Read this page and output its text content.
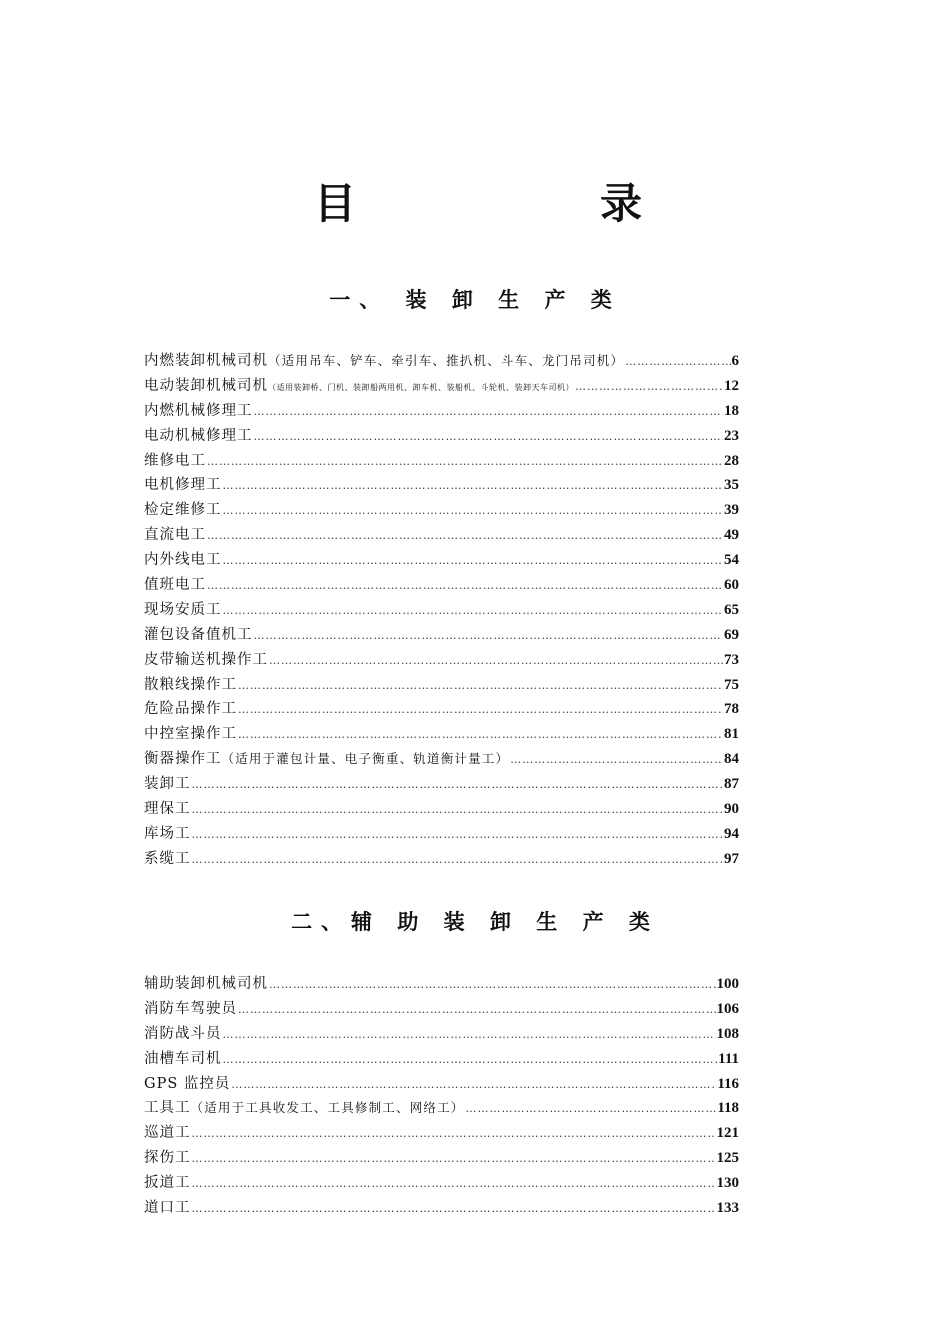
目	录
一、 装 卸 生 产 类
内燃装卸机械司机 （适用吊车、铲车、牵引车、推扒机、斗车、龙门吊司机） ……………………………………………………………………………………………………………………………………………………………………………………………………………………………………………	6
电动装卸机械司机 （适用装卸桥、门机、装卸船两用机、卸车机、装船机、斗轮机、装卸天车司机） ……………………………………………………………………………………………………………………………………………………………………………………………………………………………………………	12
内燃机械修理工 ……………………………………………………………………………………………………………………………………………………………………………………………………………………………………………	18
电动机械修理工 ……………………………………………………………………………………………………………………………………………………………………………………………………………………………………………	23
维修电工 ……………………………………………………………………………………………………………………………………………………………………………………………………………………………………………	28
电机修理工 ……………………………………………………………………………………………………………………………………………………………………………………………………………………………………………	35
检定维修工 ……………………………………………………………………………………………………………………………………………………………………………………………………………………………………………	39
直流电工 ……………………………………………………………………………………………………………………………………………………………………………………………………………………………………………	49
内外线电工 ……………………………………………………………………………………………………………………………………………………………………………………………………………………………………………	54
值班电工 ……………………………………………………………………………………………………………………………………………………………………………………………………………………………………………	60
现场安质工 ……………………………………………………………………………………………………………………………………………………………………………………………………………………………………………	65
灌包设备值机工 ……………………………………………………………………………………………………………………………………………………………………………………………………………………………………………	69
皮带输送机操作工 ……………………………………………………………………………………………………………………………………………………………………………………………………………………………………………	73
散粮线操作工 ……………………………………………………………………………………………………………………………………………………………………………………………………………………………………………	75
危险品操作工 ……………………………………………………………………………………………………………………………………………………………………………………………………………………………………………	78
中控室操作工 ……………………………………………………………………………………………………………………………………………………………………………………………………………………………………………	81
衡器操作工 （适用于灌包计量、电子衡重、轨道衡计量工） ……………………………………………………………………………………………………………………………………………………………………………………………………………………………………………	84
装卸工 ……………………………………………………………………………………………………………………………………………………………………………………………………………………………………………	87
理保工 ……………………………………………………………………………………………………………………………………………………………………………………………………………………………………………	90
库场工 ……………………………………………………………………………………………………………………………………………………………………………………………………………………………………………	94
系缆工 ……………………………………………………………………………………………………………………………………………………………………………………………………………………………………………	97
二、辅 助 装 卸 生 产 类
辅助装卸机械司机 ……………………………………………………………………………………………………………………………………………………………………………………………………………………………………………	100
消防车驾驶员 ……………………………………………………………………………………………………………………………………………………………………………………………………………………………………………	106
消防战斗员 ……………………………………………………………………………………………………………………………………………………………………………………………………………………………………………	108
油槽车司机 ……………………………………………………………………………………………………………………………………………………………………………………………………………………………………………	111
GPS 监控员 ……………………………………………………………………………………………………………………………………………………………………………………………………………………………………………	116
工具工 （适用于工具收发工、工具修制工、网络工） ……………………………………………………………………………………………………………………………………………………………………………………………………………………………………………	118
巡道工 ……………………………………………………………………………………………………………………………………………………………………………………………………………………………………………	121
探伤工 ……………………………………………………………………………………………………………………………………………………………………………………………………………………………………………	125
扳道工 ……………………………………………………………………………………………………………………………………………………………………………………………………………………………………………	130
道口工 ……………………………………………………………………………………………………………………………………………………………………………………………………………………………………………	133
